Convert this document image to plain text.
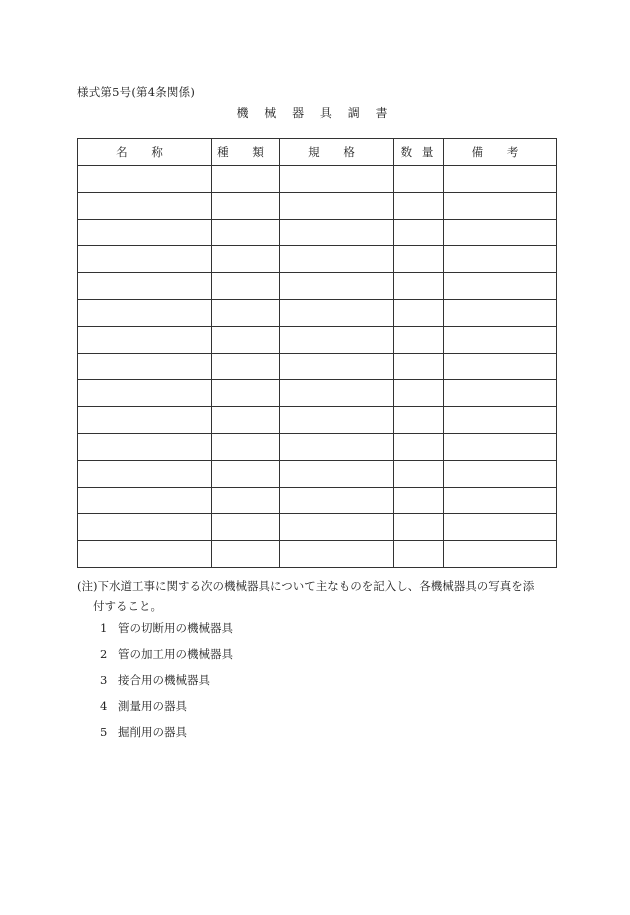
様式第5号(第4条関係)
機 械 器 具 調 書
名 称	種 類	規 格	数 量	備 考

(注)下水道工事に関する次の機械器具について主なものを記入し、各機械器具の写真を添
付すること。
1 管の切断用の機械器具
2 管の加工用の機械器具
3 接合用の機械器具
4 測量用の器具
5 掘削用の器具
